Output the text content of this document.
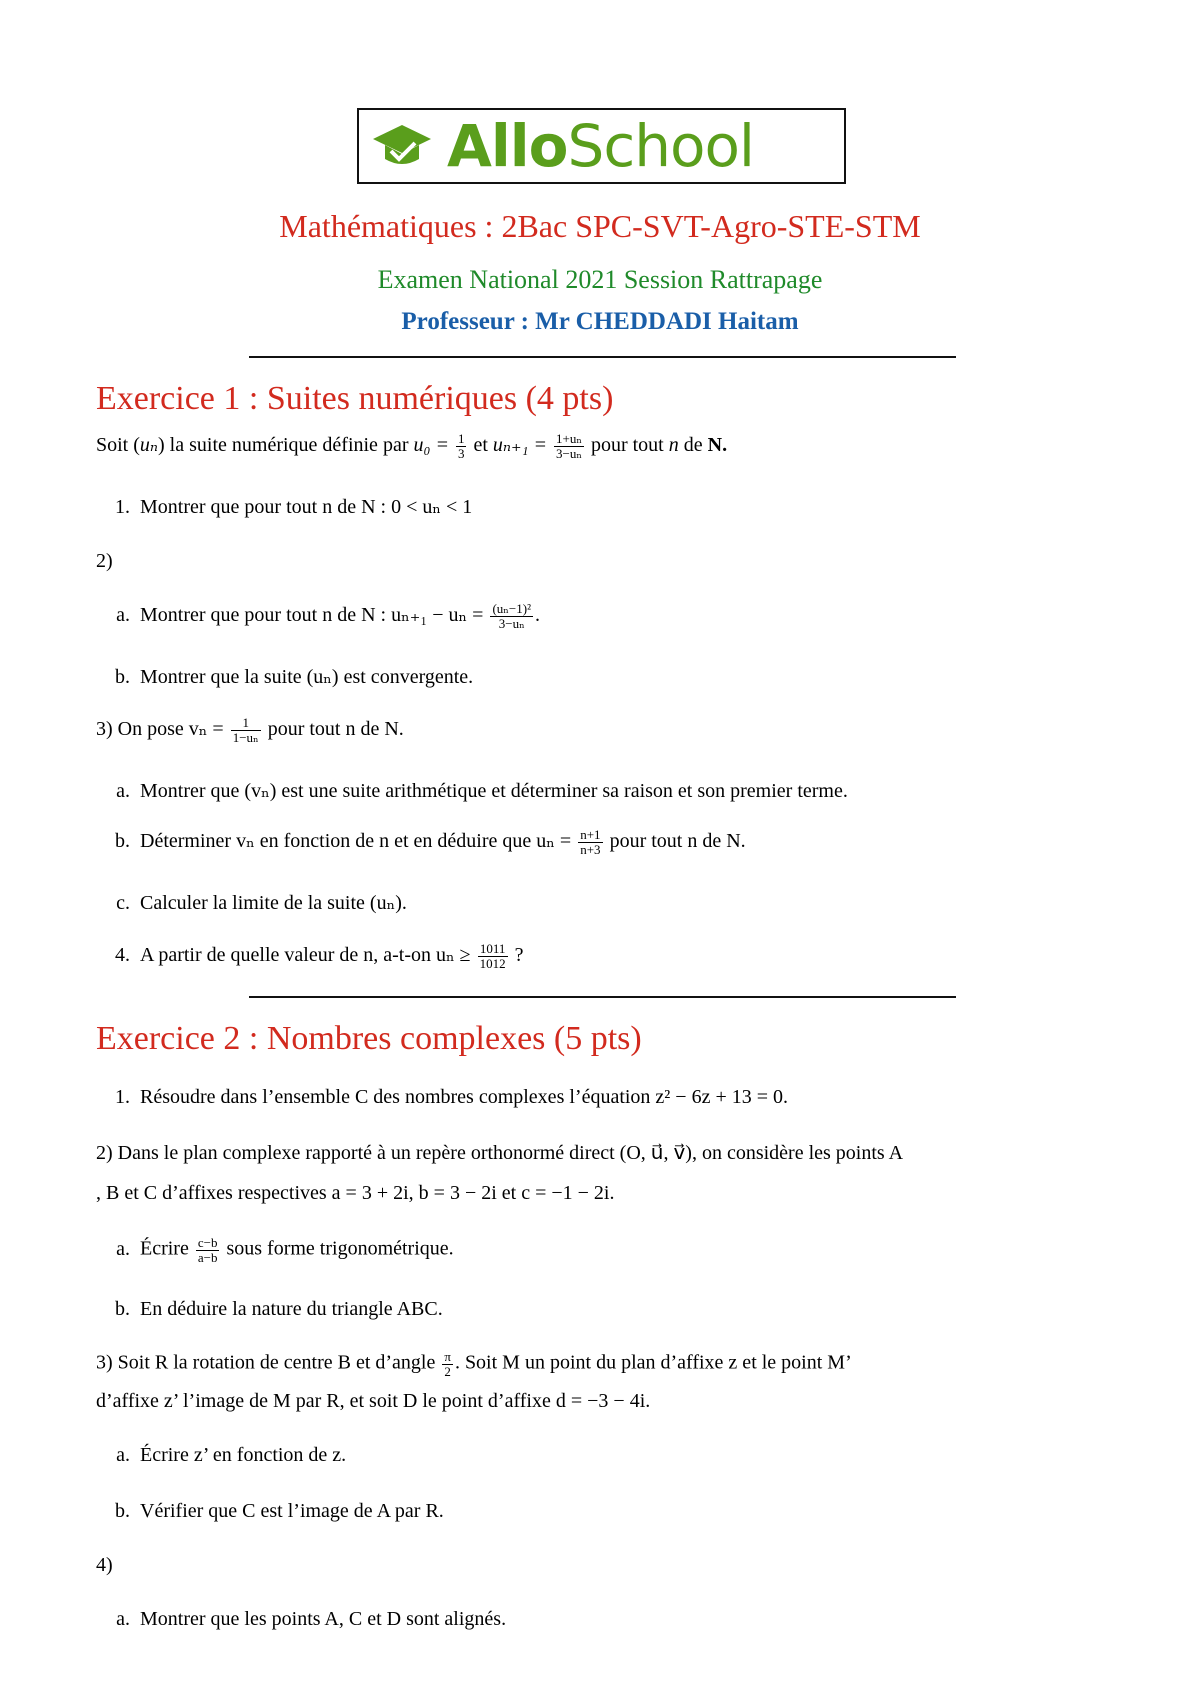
AlloSchool
Mathématiques : 2Bac SPC-SVT-Agro-STE-STM
Examen National 2021 Session Rattrapage
Professeur : Mr CHEDDADI Haitam
Exercice 1 : Suites numériques (4 pts)
Soit (uₙ) la suite numérique définie par $u_0 = \frac{1}{3}$ et $u_{n+1} = \frac{\text{1+uₙ}}{\text{3−uₙ}}$ pour tout n de N.
1. Montrer que pour tout n de N : 0 < uₙ < 1
2)
a. Montrer que pour tout n de N : $u_{n+1} - u_n = \frac{\text{(uₙ−1)²}}{\text{3−uₙ}}$ .
b. Montrer que la suite (uₙ) est convergente.
3) On pose $v_n = \frac{1}{\text{1−uₙ}}$ pour tout n de N.
a. Montrer que (vₙ) est une suite arithmétique et déterminer sa raison et son premier terme.
b. Déterminer vₙ en fonction de n et en déduire que $u_n = \frac{n+1}{n+3}$ pour tout n de N.
c. Calculer la limite de la suite (uₙ).
4. A partir de quelle valeur de n, a-t-on $u_n \ge \frac{1011}{1012}$ ?
Exercice 2 : Nombres complexes (5 pts)
1. Résoudre dans l’ensemble C des nombres complexes l’équation z² − 6z + 13 = 0.
2) Dans le plan complexe rapporté à un repère orthonormé direct (O, u⃗, v⃗), on considère les points A
, B et C d’affixes respectives a = 3 + 2i, b = 3 − 2i et c = −1 − 2i.
a. Écrire $\frac{c-b}{a-b}$ sous forme trigonométrique.
b. En déduire la nature du triangle ABC.
3) Soit R la rotation de centre B et d’angle $\frac{\pi}{2}$ . Soit M un point du plan d’affixe z et le point M’
d’affixe z’ l’image de M par R, et soit D le point d’affixe d = −3 − 4i.
a. Écrire z’ en fonction de z.
b. Vérifier que C est l’image de A par R.
4)
a. Montrer que les points A, C et D sont alignés.
